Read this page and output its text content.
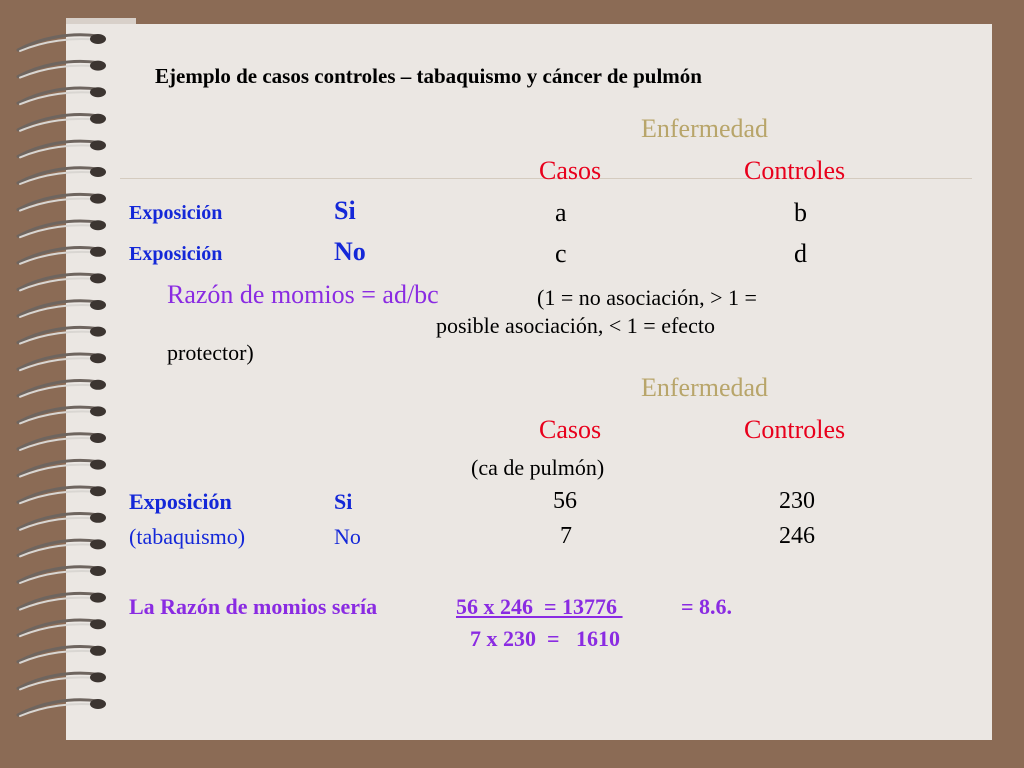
Ejemplo de casos controles – tabaquismo y cáncer de pulmón
Enfermedad
Casos	Controles
Exposición	Si	a	b
Exposición	No	c	d
Razón de momios = ad/bc	(1 = no asociación, > 1 =
posible asociación, < 1 = efecto
protector)
Enfermedad
Casos	Controles
(ca de pulmón)
Exposición	Si	56	230
(tabaquismo)	No	7	246
La Razón de momios sería	56 x 246  = 13776	= 8.6.
7 x 230  =   1610
